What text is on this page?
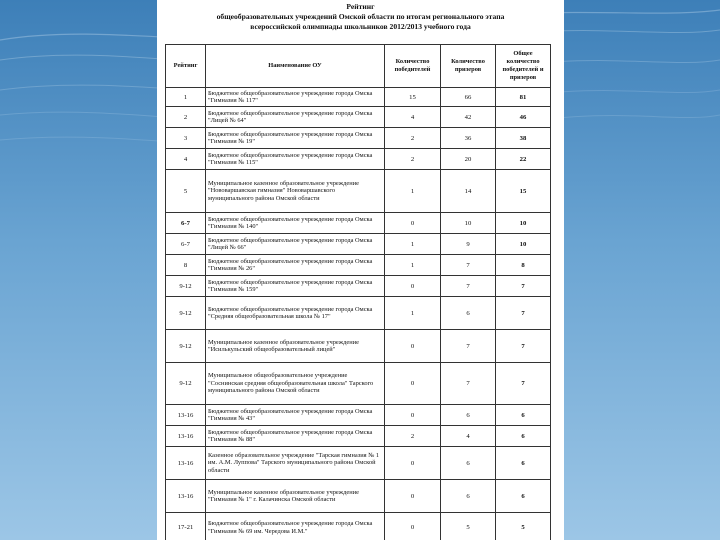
Рейтинг
общеобразовательных учреждений Омской области по итогам регионального этапа
всероссийской олимпиады школьников 2012/2013 учебного года
Рейтинг	Наименование ОУ	Количество победителей	Количество призеров	Общее количество победителей и призеров
1	Бюджетное общеобразовательное учреждение города Омска "Гимназия № 117"	15	66	81
2	Бюджетное общеобразовательное учреждение города Омска "Лицей № 64"	4	42	46
3	Бюджетное общеобразовательное учреждение города Омска "Гимназия № 19"	2	36	38
4	Бюджетное общеобразовательное учреждение города Омска "Гимназия № 115"	2	20	22
5	Муниципальное казенное образовательное учреждение "Нововаршавская гимназия" Нововаршавского муниципального района Омской области	1	14	15
6-7	Бюджетное общеобразовательное учреждение города Омска "Гимназия № 140"	0	10	10
6-7	Бюджетное общеобразовательное учреждение города Омска "Лицей № 66"	1	9	10
8	Бюджетное общеобразовательное учреждение города Омска "Гимназия № 26"	1	7	8
9-12	Бюджетное общеобразовательное учреждение города Омска "Гимназия № 159"	0	7	7
9-12	Бюджетное общеобразовательное учреждение города Омска "Средняя общеобразовательная школа № 17"	1	6	7
9-12	Муниципальное казенное образовательное учреждение "Исилькульский общеобразовательный лицей"	0	7	7
9-12	Муниципальное общеобразовательное учреждение "Соснинская средняя общеобразовательная школа" Тарского муниципального района Омской области	0	7	7
13-16	Бюджетное общеобразовательное учреждение города Омска "Гимназия № 43"	0	6	6
13-16	Бюджетное общеобразовательное учреждение города Омска "Гимназия № 88"	2	4	6
13-16	Казенное образовательное учреждение "Тарская гимназия № 1 им. А.М. Луппова" Тарского муниципального района Омской области	0	6	6
13-16	Муниципальное казенное образовательное учреждение "Гимназия № 1" г. Калачинска Омской области	0	6	6
17-21	Бюджетное общеобразовательное учреждение города Омска "Гимназия № 69 им. Чередова И.М."	0	5	5
